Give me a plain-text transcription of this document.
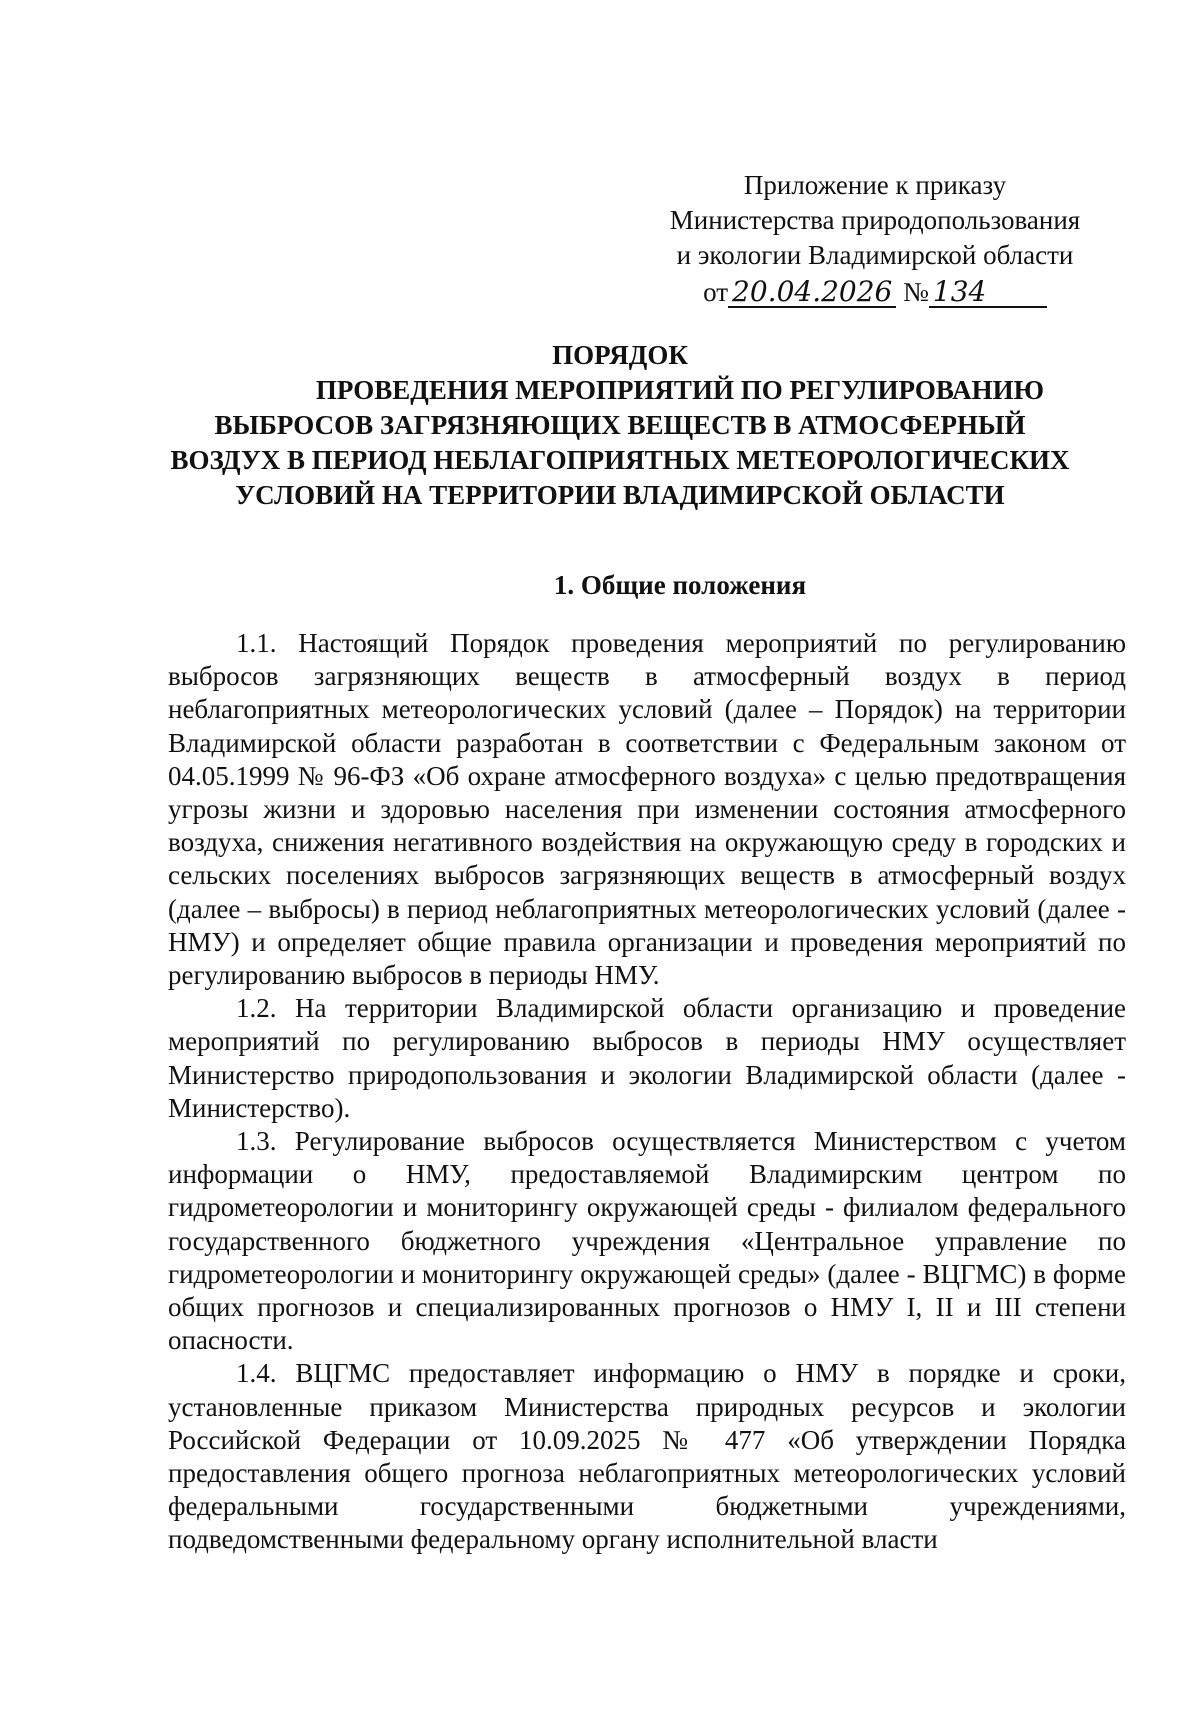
Приложение к приказу
Министерства природопользования
и экологии Владимирской области
от 20.04.2026 № 134
ПОРЯДОК
ПРОВЕДЕНИЯ МЕРОПРИЯТИЙ ПО РЕГУЛИРОВАНИЮ
ВЫБРОСОВ ЗАГРЯЗНЯЮЩИХ ВЕЩЕСТВ В АТМОСФЕРНЫЙ
ВОЗДУХ В ПЕРИОД НЕБЛАГОПРИЯТНЫХ МЕТЕОРОЛОГИЧЕСКИХ
УСЛОВИЙ НА ТЕРРИТОРИИ ВЛАДИМИРСКОЙ ОБЛАСТИ
1. Общие положения

1.1. Настоящий Порядок проведения мероприятий по регулированию выбросов загрязняющих веществ в атмосферный воздух в период неблагоприятных метеорологических условий (далее – Порядок) на территории Владимирской области разработан в соответствии с Федеральным законом от 04.05.1999 № 96-ФЗ «Об охране атмосферного воздуха» с целью предотвращения угрозы жизни и здоровью населения при изменении состояния атмосферного воздуха, снижения негативного воздействия на окружающую среду в городских и сельских поселениях выбросов загрязняющих веществ в атмосферный воздух (далее – выбросы) в период неблагоприятных метеорологических условий (далее - НМУ) и определяет общие правила организации и проведения мероприятий по регулированию выбросов в периоды НМУ.

1.2. На территории Владимирской области организацию и проведение мероприятий по регулированию выбросов в периоды НМУ осуществляет Министерство природопользования и экологии Владимирской области (далее - Министерство).

1.3. Регулирование выбросов осуществляется Министерством с учетом информации о НМУ, предоставляемой Владимирским центром по гидрометеорологии и мониторингу окружающей среды - филиалом федерального государственного бюджетного учреждения «Центральное управление по гидрометеорологии и мониторингу окружающей среды» (далее - ВЦГМС) в форме общих прогнозов и специализированных прогнозов о НМУ I, II и III степени опасности.

1.4. ВЦГМС предоставляет информацию о НМУ в порядке и сроки, установленные приказом Министерства природных ресурсов и экологии Российской Федерации от 10.09.2025 № 477 «Об утверждении Порядка предоставления общего прогноза неблагоприятных метеорологических условий федеральными государственными бюджетными учреждениями, подведомственными федеральному органу исполнительной власти
